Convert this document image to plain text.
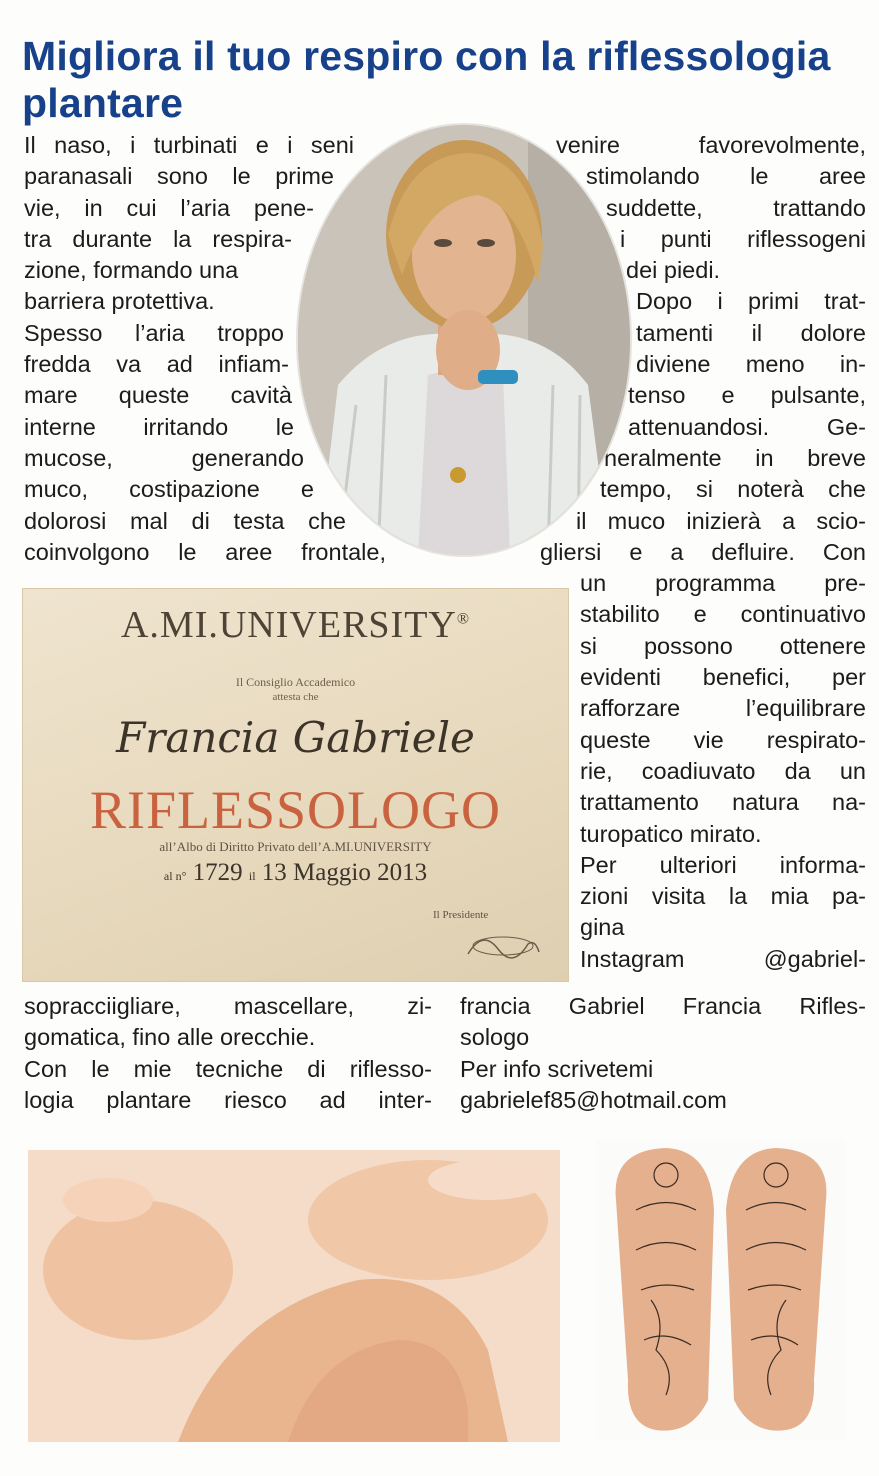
Migliora il tuo respiro con la riflessologia plantare
Il naso, i turbinati e i seni
paranasali sono le prime
vie, in cui l’aria pene-
tra durante la respira-
zione, formando una
barriera protettiva.
Spesso l’aria troppo
fredda va ad infiam-
mare queste cavità
interne irritando le
mucose, generando
muco, costipazione e
dolorosi mal di testa che
coinvolgono le aree frontale,
venire favorevolmente,
stimolando le aree
suddette, trattando
i punti riflessogeni
dei piedi.
Dopo i primi trat-
tamenti il dolore
diviene meno in-
tenso e pulsante,
attenuandosi. Ge-
neralmente in breve
tempo, si noterà che
il muco inizierà a scio-
gliersi e a defluire. Con
un programma pre-
stabilito e continuativo
si possono ottenere
evidenti benefici, per
rafforzare l’equilibrare
queste vie respirato-
rie, coadiuvato da un
trattamento natura na-
turopatico mirato.
Per ulteriori informa-
zioni visita la mia pa-
gina
Instagram @gabriel-
sopracciigliare, mascellare, zi-
gomatica, fino alle orecchie.
Con le mie tecniche di riflesso-
logia plantare riesco ad inter-
francia Gabriel Francia Rifles-
sologo
Per info scrivetemi
gabrielef85@hotmail.com
A.MI.UNIVERSITY®
Il Consiglio Accademico
attesta che
Francia Gabriele
RIFLESSOLOGO
all’Albo di Diritto Privato dell’A.MI.UNIVERSITY
al n° 1729 il 13 Maggio 2013
Il Presidente
